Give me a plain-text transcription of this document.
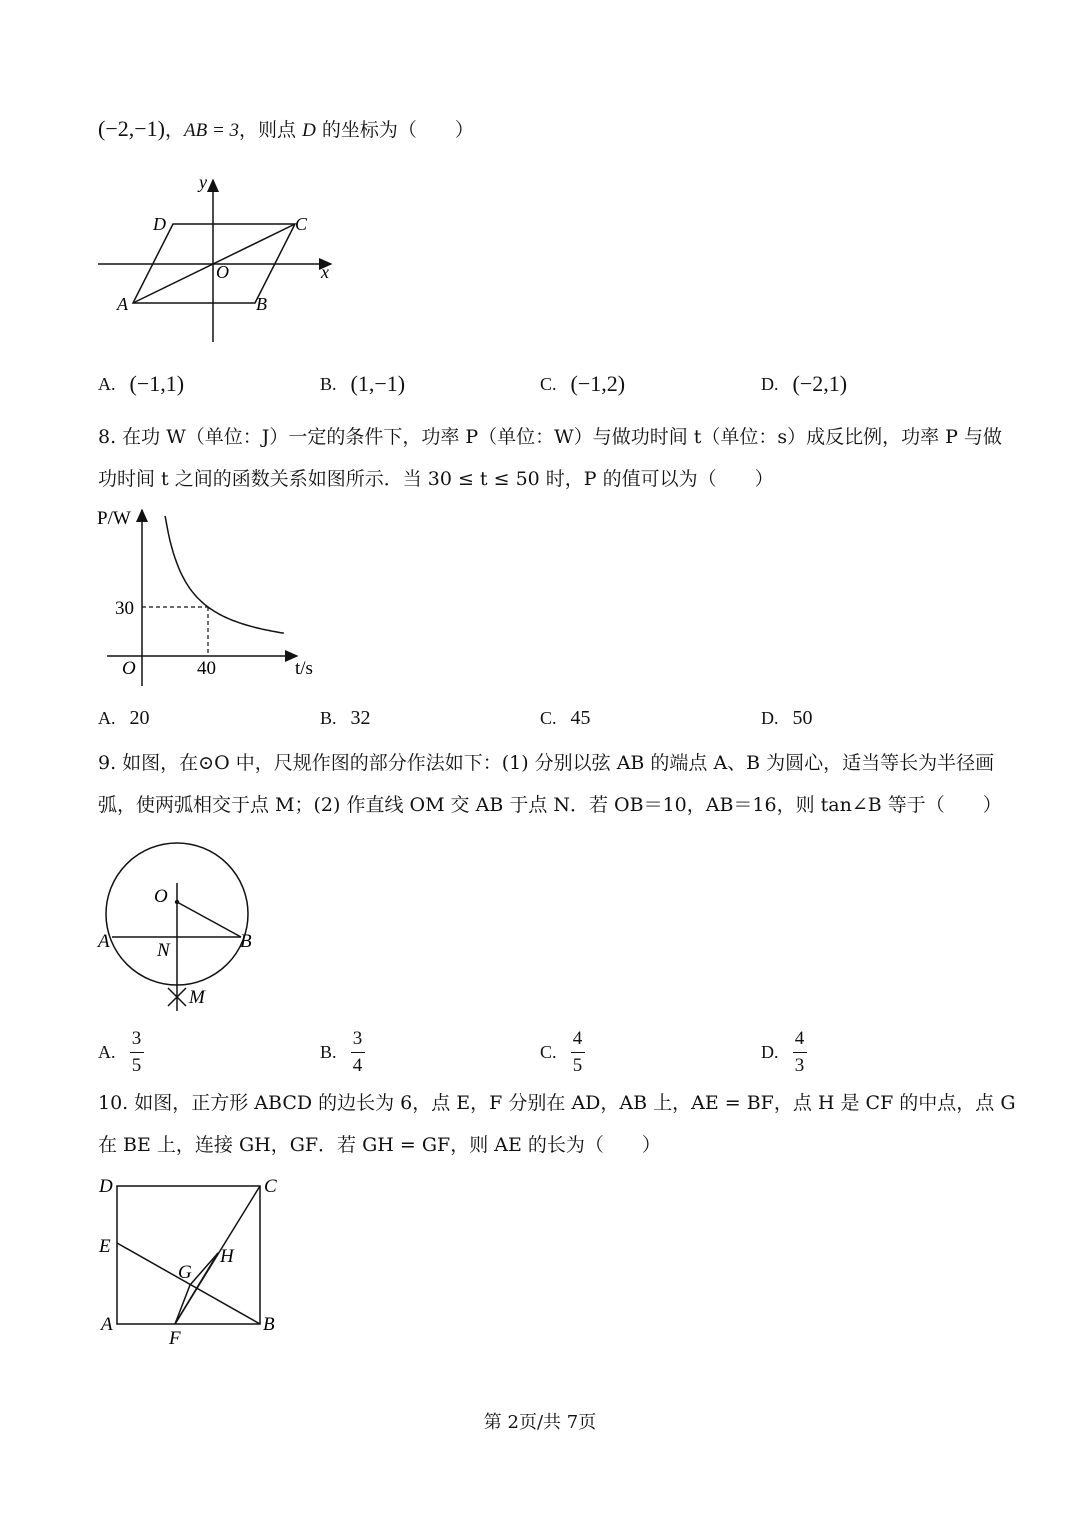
(−2,−1)，AB = 3，则点 D 的坐标为（　　）
y
x
O
A	B
C
D
A. (−1,1)	B. (1,−1)	C. (−1,2)	D. (−2,1)
8. 在功 W（单位：J）一定的条件下，功率 P（单位：W）与做功时间 t（单位：s）成反比例，功率 P 与做
功时间 t 之间的函数关系如图所示．当 30 ≤ t ≤ 50 时，P 的值可以为（　　）
P/W
t/s
O
30
40
A. 20	B. 32	C. 45	D. 50
9. 如图，在⊙O 中，尺规作图的部分作法如下：(1) 分别以弦 AB 的端点 A、B 为圆心，适当等长为半径画
弧，使两弧相交于点 M；(2) 作直线 OM 交 AB 于点 N．若 OB＝10，AB＝16，则 tan∠B 等于（　　）
O
A	B
N
M
A. $\frac{3}{5}$	B. $\frac{3}{4}$	C. $\frac{4}{5}$	D. $\frac{4}{3}$
10. 如图，正方形 ABCD 的边长为 6，点 E，F 分别在 AD，AB 上，AE = BF，点 H 是 CF 的中点，点 G
在 BE 上，连接 GH，GF．若 GH = GF，则 AE 的长为（　　）
D	C
E
G
H
A
F
B
第 2页/共 7页
